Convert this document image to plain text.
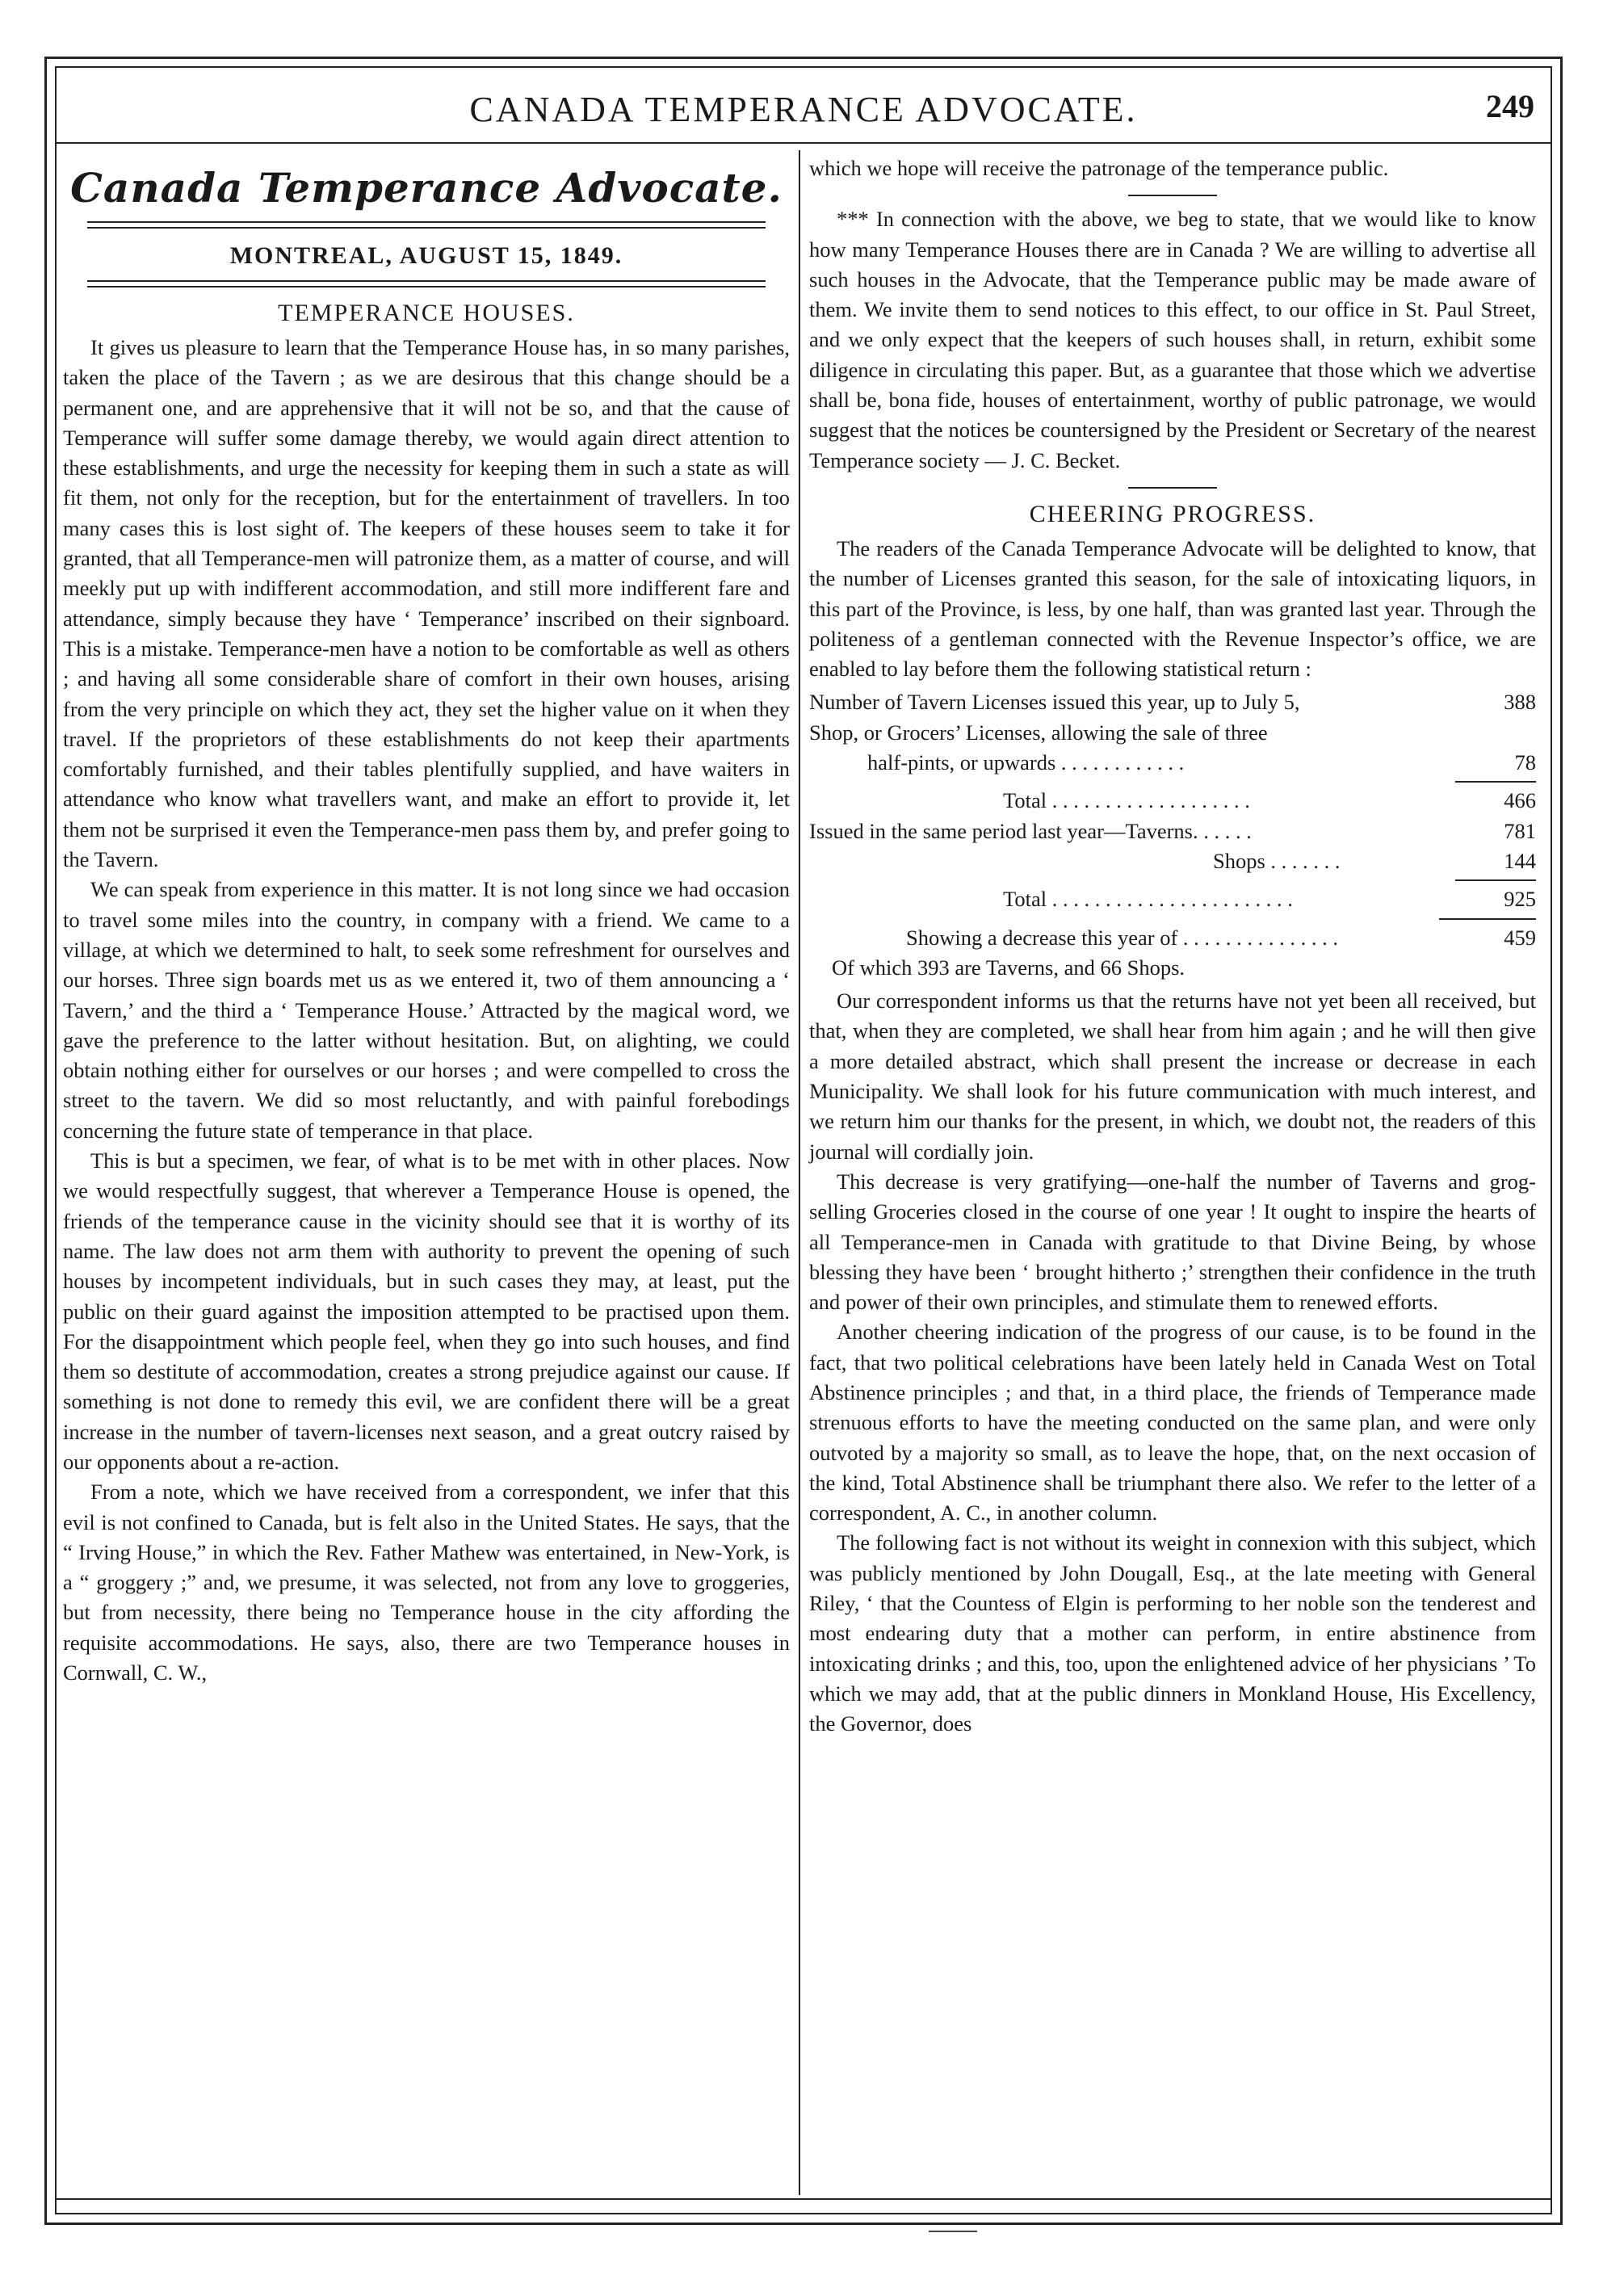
CANADA TEMPERANCE ADVOCATE.	249
Canada Temperance Advocate.
MONTREAL, AUGUST 15, 1849.
TEMPERANCE HOUSES.

It gives us pleasure to learn that the Temperance House has, in so many parishes, taken the place of the Tavern ; as we are desirous that this change should be a permanent one, and are apprehensive that it will not be so, and that the cause of Temperance will suffer some damage thereby, we would again direct attention to these establishments, and urge the necessity for keeping them in such a state as will fit them, not only for the reception, but for the entertainment of travellers. In too many cases this is lost sight of. The keepers of these houses seem to take it for granted, that all Temperance-men will patronize them, as a matter of course, and will meekly put up with indifferent accommodation, and still more indifferent fare and attendance, simply because they have ‘ Temperance’ inscribed on their signboard. This is a mistake. Temperance-men have a notion to be comfortable as well as others ; and having all some considerable share of comfort in their own houses, arising from the very principle on which they act, they set the higher value on it when they travel. If the proprietors of these establishments do not keep their apartments comfortably furnished, and their tables plentifully supplied, and have waiters in attendance who know what travellers want, and make an effort to provide it, let them not be surprised it even the Temperance-men pass them by, and prefer going to the Tavern.

We can speak from experience in this matter. It is not long since we had occasion to travel some miles into the country, in company with a friend. We came to a village, at which we determined to halt, to seek some refreshment for ourselves and our horses. Three sign boards met us as we entered it, two of them announcing a ‘ Tavern,’ and the third a ‘ Temperance House.’ Attracted by the magical word, we gave the preference to the latter without hesitation. But, on alighting, we could obtain nothing either for ourselves or our horses ; and were compelled to cross the street to the tavern. We did so most reluctantly, and with painful forebodings concerning the future state of temperance in that place.

This is but a specimen, we fear, of what is to be met with in other places. Now we would respectfully suggest, that wherever a Temperance House is opened, the friends of the temperance cause in the vicinity should see that it is worthy of its name. The law does not arm them with authority to prevent the opening of such houses by incompetent individuals, but in such cases they may, at least, put the public on their guard against the imposition attempted to be practised upon them. For the disappointment which people feel, when they go into such houses, and find them so destitute of accommodation, creates a strong prejudice against our cause. If something is not done to remedy this evil, we are confident there will be a great increase in the number of tavern-licenses next season, and a great outcry raised by our opponents about a re-action.

From a note, which we have received from a correspondent, we infer that this evil is not confined to Canada, but is felt also in the United States. He says, that the “ Irving House,” in which the Rev. Father Mathew was entertained, in New-York, is a “ groggery ;” and, we presume, it was selected, not from any love to groggeries, but from necessity, there being no Temperance house in the city affording the requisite accommodations. He says, also, there are two Temperance houses in Cornwall, C. W.,

which we hope will receive the patronage of the temperance public.

*** In connection with the above, we beg to state, that we would like to know how many Temperance Houses there are in Canada ? We are willing to advertise all such houses in the Advocate, that the Temperance public may be made aware of them. We invite them to send notices to this effect, to our office in St. Paul Street, and we only expect that the keepers of such houses shall, in return, exhibit some diligence in circulating this paper. But, as a guarantee that those which we advertise shall be, bona fide, houses of entertainment, worthy of public patronage, we would suggest that the notices be countersigned by the President or Secretary of the nearest Temperance society — J. C. Becket.

CHEERING PROGRESS.

The readers of the Canada Temperance Advocate will be delighted to know, that the number of Licenses granted this season, for the sale of intoxicating liquors, in this part of the Province, is less, by one half, than was granted last year. Through the politeness of a gentleman connected with the Revenue Inspector’s office, we are enabled to lay before them the following statistical return :

Number of Tavern Licenses issued this year, up to July 5,	388
Shop, or Grocers’ Licenses, allowing the sale of three
half-pints, or upwards . . . . . . . . . . . .	78
Total . . . . . . . . . . . . . . . . . . .	466
Issued in the same period last year—Taverns. . . . . .	781
Shops . . . . . . .	144
Total . . . . . . . . . . . . . . . . . . . . . . .	925
Showing a decrease this year of . . . . . . . . . . . . . . .	459
Of which 393 are Taverns, and 66 Shops.

Our correspondent informs us that the returns have not yet been all received, but that, when they are completed, we shall hear from him again ; and he will then give a more detailed abstract, which shall present the increase or decrease in each Municipality. We shall look for his future communication with much interest, and we return him our thanks for the present, in which, we doubt not, the readers of this journal will cordially join.

This decrease is very gratifying—one-half the number of Taverns and grog-selling Groceries closed in the course of one year ! It ought to inspire the hearts of all Temperance-men in Canada with gratitude to that Divine Being, by whose blessing they have been ‘ brought hitherto ;’ strengthen their confidence in the truth and power of their own principles, and stimulate them to renewed efforts.

Another cheering indication of the progress of our cause, is to be found in the fact, that two political celebrations have been lately held in Canada West on Total Abstinence principles ; and that, in a third place, the friends of Temperance made strenuous efforts to have the meeting conducted on the same plan, and were only outvoted by a majority so small, as to leave the hope, that, on the next occasion of the kind, Total Abstinence shall be triumphant there also. We refer to the letter of a correspondent, A. C., in another column.

The following fact is not without its weight in connexion with this subject, which was publicly mentioned by John Dougall, Esq., at the late meeting with General Riley, ‘ that the Countess of Elgin is performing to her noble son the tenderest and most endearing duty that a mother can perform, in entire abstinence from intoxicating drinks ; and this, too, upon the enlightened advice of her physicians ’ To which we may add, that at the public dinners in Monkland House, His Excellency, the Governor, does
